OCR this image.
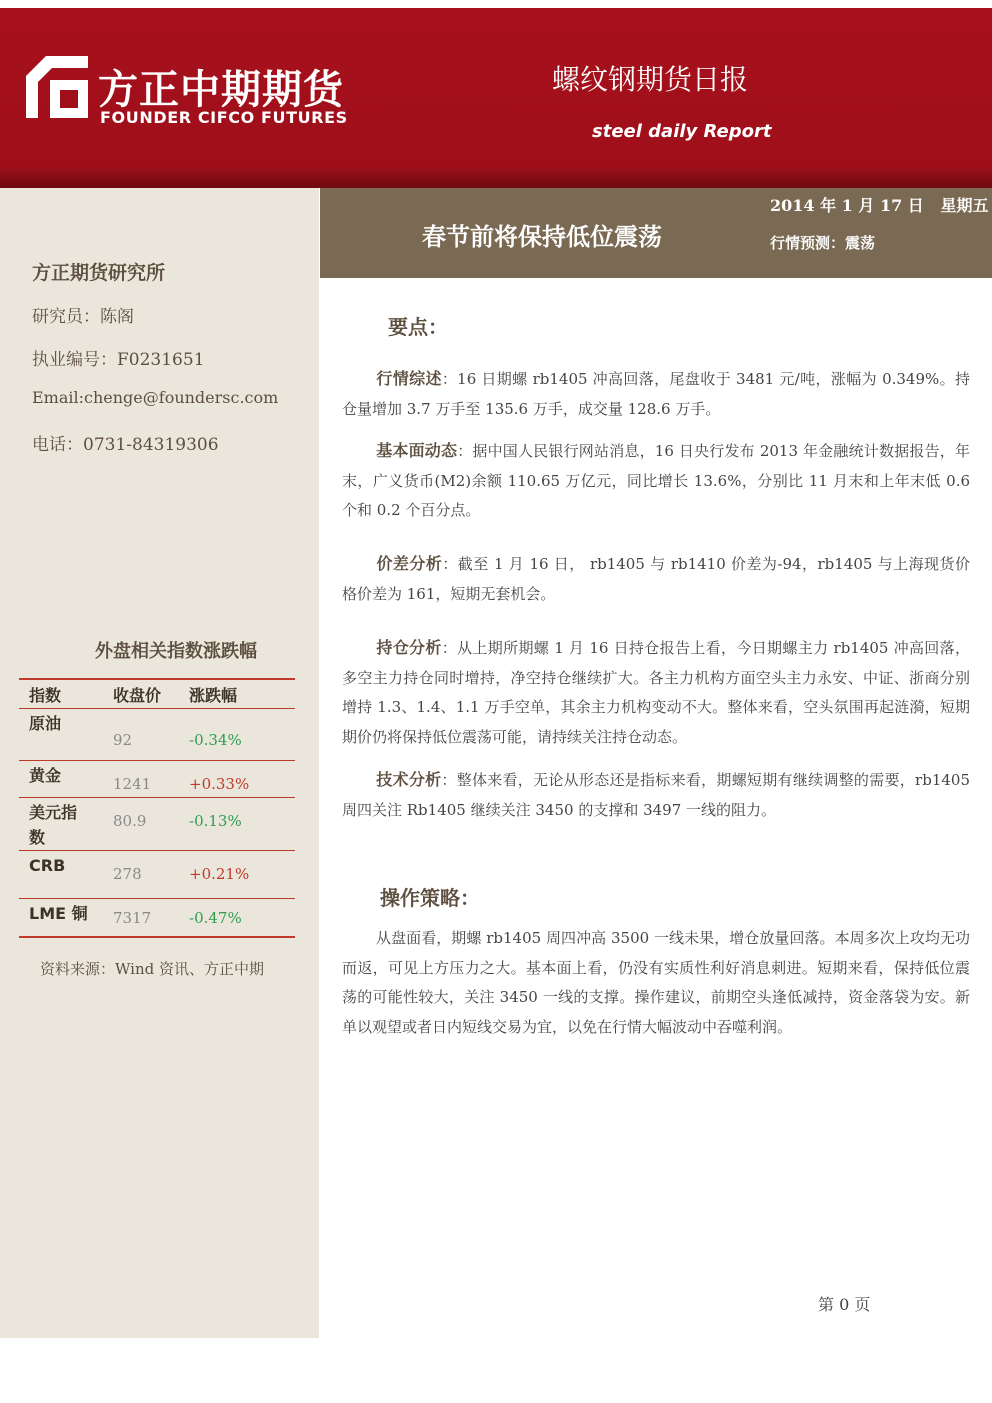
方正中期期货
FOUNDER CIFCO FUTURES
螺纹钢期货日报
steel daily Report
方正期货研究所
研究员：陈阁
执业编号：F0231651
Email:chenge@foundersc.com
电话：0731-84319306
外盘相关指数涨跌幅
指数	收盘价	涨跌幅
原油	92	-0.34%
黄金	1241	+0.33%
美元指数	80.9	-0.13%
CRB	278	+0.21%
LME 铜	7317	-0.47%
资料来源：Wind 资讯、方正中期
春节前将保持低位震荡
2014 年 1 月 17 日   星期五
行情预测：震荡
要点：
行情综述：16 日期螺 rb1405 冲高回落，尾盘收于 3481 元/吨，涨幅为 0.349%。持仓量增加 3.7 万手至 135.6 万手，成交量 128.6 万手。
基本面动态：据中国人民银行网站消息，16 日央行发布 2013 年金融统计数据报告，年末，广义货币(M2)余额 110.65 万亿元，同比增长 13.6%，分别比 11 月末和上年末低 0.6 个和 0.2 个百分点。
价差分析：截至 1 月 16 日， rb1405 与 rb1410 价差为-94，rb1405 与上海现货价格价差为 161，短期无套机会。
持仓分析：从上期所期螺 1 月 16 日持仓报告上看，今日期螺主力 rb1405 冲高回落，多空主力持仓同时增持，净空持仓继续扩大。各主力机构方面空头主力永安、中证、浙商分别增持 1.3、1.4、1.1 万手空单，其余主力机构变动不大。整体来看，空头氛围再起涟漪，短期期价仍将保持低位震荡可能，请持续关注持仓动态。
技术分析：整体来看，无论从形态还是指标来看，期螺短期有继续调整的需要，rb1405 周四关注 Rb1405 继续关注 3450 的支撑和 3497 一线的阻力。
操作策略：
从盘面看，期螺 rb1405 周四冲高 3500 一线未果，增仓放量回落。本周多次上攻均无功而返，可见上方压力之大。基本面上看，仍没有实质性利好消息刺进。短期来看，保持低位震荡的可能性较大，关注 3450 一线的支撑。操作建议，前期空头逢低减持，资金落袋为安。新单以观望或者日内短线交易为宜，以免在行情大幅波动中吞噬利润。
第 0 页
